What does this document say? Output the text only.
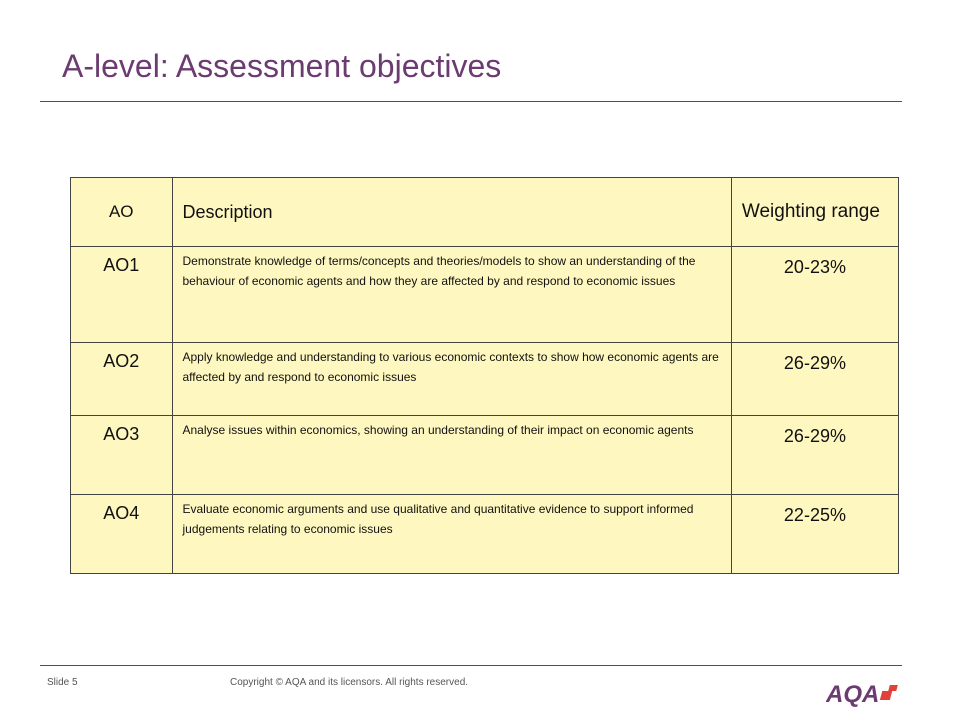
A-level: Assessment objectives
AO	Description	Weighting range
AO1	Demonstrate knowledge of terms/concepts and theories/models to show an understanding of the behaviour of economic agents and how they are affected by and respond to economic issues	20-23%
AO2	Apply knowledge and understanding to various economic contexts to show how economic agents are affected by and respond to economic issues	26-29%
AO3	Analyse issues within economics, showing an understanding of their impact on economic agents	26-29%
AO4	Evaluate economic arguments and use qualitative and quantitative evidence to support informed judgements relating to economic issues	22-25%
Slide 5	Copyright © AQA and its licensors. All rights reserved.	AQA
